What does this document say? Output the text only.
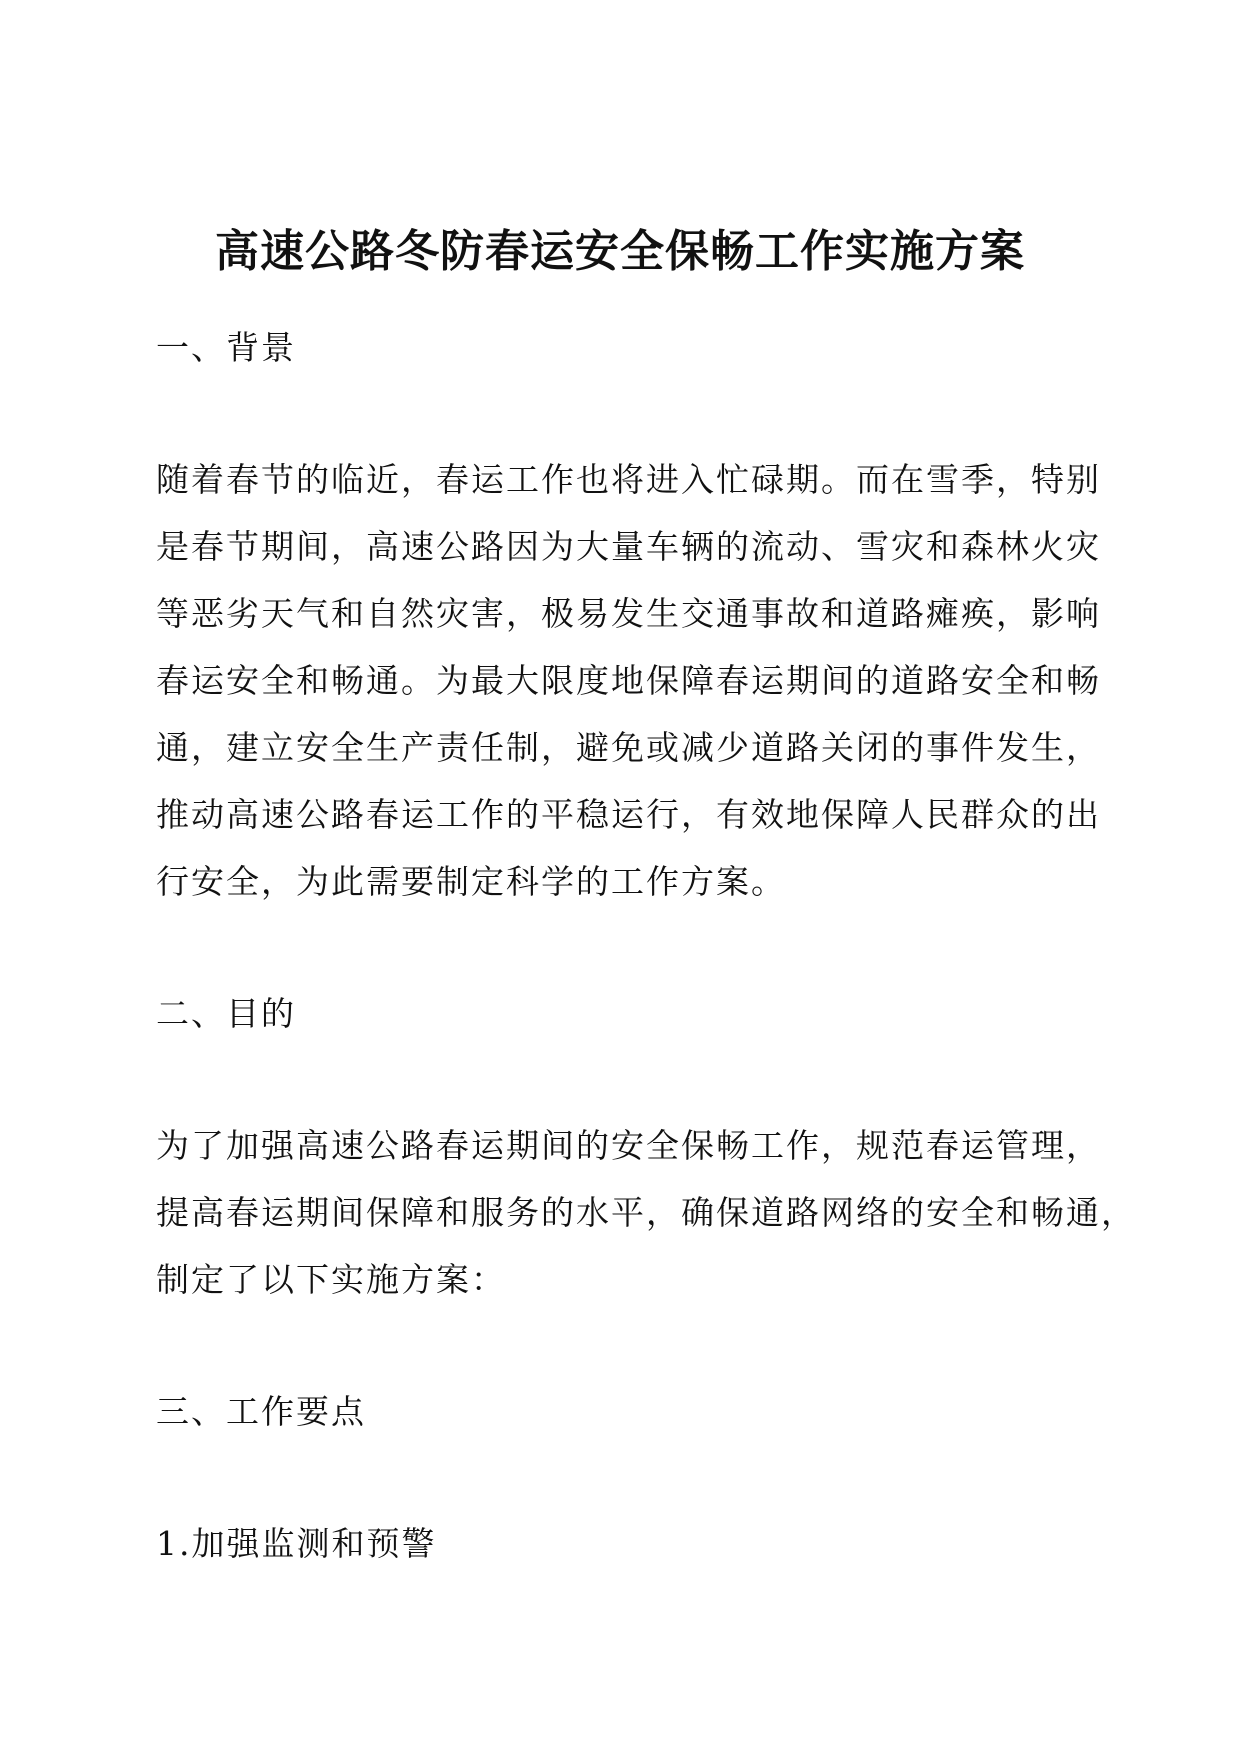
高速公路冬防春运安全保畅工作实施方案
一、背景
随着春节的临近，春运工作也将进入忙碌期。而在雪季，特别
是春节期间，高速公路因为大量车辆的流动、雪灾和森林火灾
等恶劣天气和自然灾害，极易发生交通事故和道路瘫痪，影响
春运安全和畅通。为最大限度地保障春运期间的道路安全和畅
通，建立安全生产责任制，避免或减少道路关闭的事件发生，
推动高速公路春运工作的平稳运行，有效地保障人民群众的出
行安全，为此需要制定科学的工作方案。
二、目的
为了加强高速公路春运期间的安全保畅工作，规范春运管理，
提高春运期间保障和服务的水平，确保道路网络的安全和畅通，
制定了以下实施方案：
三、工作要点
1.加强监测和预警
